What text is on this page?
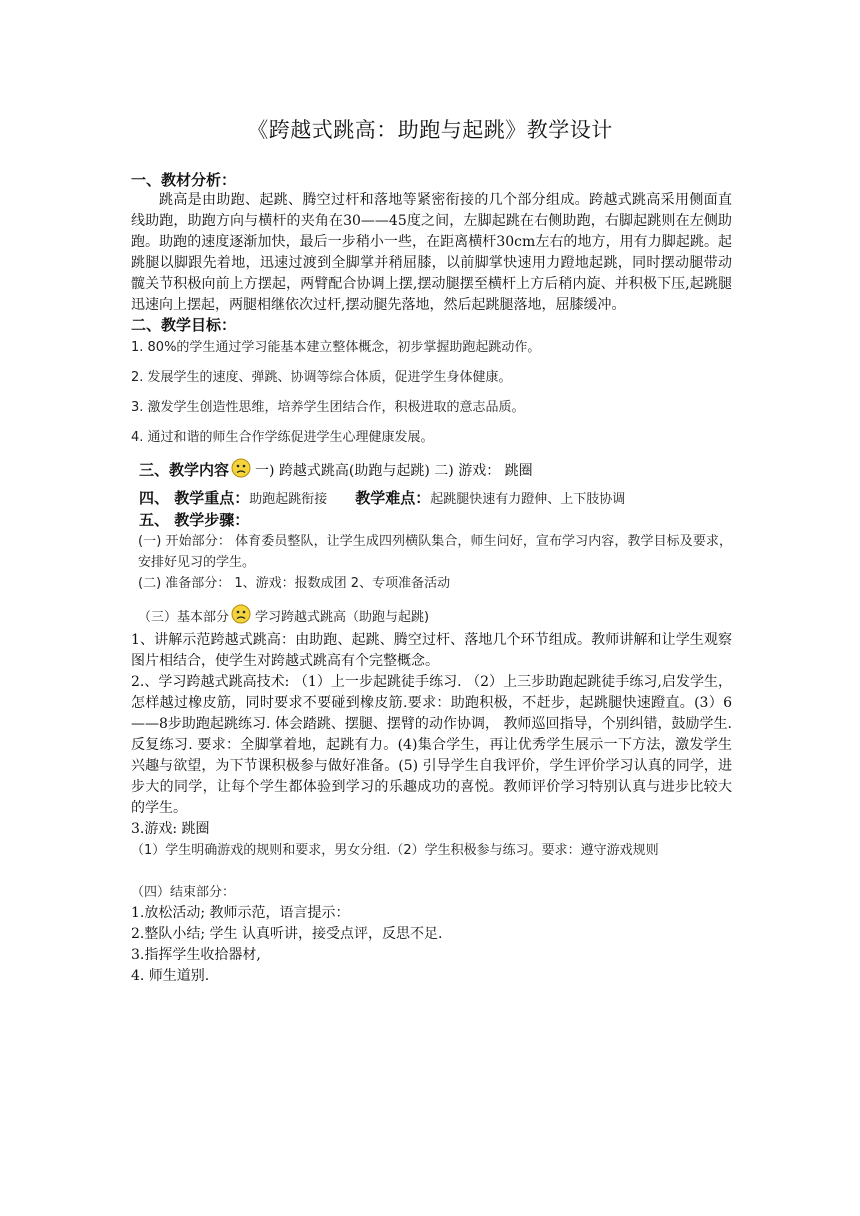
《跨越式跳高：助跑与起跳》教学设计
一、教材分析：

跳高是由助跑、起跳、腾空过杆和落地等紧密衔接的几个部分组成。跨越式跳高采用侧面直线助跑，助跑方向与横杆的夹角在30——45度之间，左脚起跳在右侧助跑，右脚起跳则在左侧助跑。助跑的速度逐渐加快，最后一步稍小一些，在距离横杆30cm左右的地方，用有力脚起跳。起跳腿以脚跟先着地，迅速过渡到全脚掌并稍屈膝，以前脚掌快速用力蹬地起跳，同时摆动腿带动髋关节积极向前上方摆起，两臂配合协调上摆,摆动腿摆至横杆上方后稍内旋、并积极下压,起跳腿迅速向上摆起，两腿相继依次过杆,摆动腿先落地，然后起跳腿落地，屈膝缓冲。

二、教学目标：

1. 80%的学生通过学习能基本建立整体概念，初步掌握助跑起跳动作。

2. 发展学生的速度、弹跳、协调等综合体质，促进学生身体健康。

3. 激发学生创造性思维，培养学生团结合作，积极进取的意志品质。

4. 通过和谐的师生合作学练促进学生心理健康发展。

三、教学内容 一) 跨越式跳高(助跑与起跳) 二) 游戏： 跳圈
四、 教学重点：助跑起跳衔接 教学难点：起跳腿快速有力蹬伸、上下肢协调
五、 教学步骤：

(一) 开始部分： 体育委员整队，让学生成四列横队集合，师生问好，宣布学习内容，教学目标及要求，安排好见习的学生。

(二) 准备部分： 1、游戏：报数成团 2、专项准备活动

（三）基本部分 学习跨越式跳高（助跑与起跳)

1、讲解示范跨越式跳高：由助跑、起跳、腾空过杆、落地几个环节组成。教师讲解和让学生观察图片相结合，使学生对跨越式跳高有个完整概念。

2.、学习跨越式跳高技术: （1）上一步起跳徒手练习. （2）上三步助跑起跳徒手练习,启发学生，怎样越过橡皮筋，同时要求不要碰到橡皮筋.要求：助跑积极，不赶步，起跳腿快速蹬直。(3）6——8步助跑起跳练习. 体会踏跳、摆腿、摆臂的动作协调， 教师巡回指导，个别纠错，鼓励学生. 反复练习. 要求：全脚掌着地，起跳有力。(4)集合学生，再让优秀学生展示一下方法，激发学生兴趣与欲望，为下节课积极参与做好准备。(5) 引导学生自我评价，学生评价学习认真的同学，进步大的同学，让每个学生都体验到学习的乐趣成功的喜悦。教师评价学习特别认真与进步比较大的学生。

3.游戏: 跳圈

（1）学生明确游戏的规则和要求，男女分组.（2）学生积极参与练习。要求：遵守游戏规则

（四）结束部分：

1.放松活动; 教师示范，语言提示：

2.整队小结; 学生 认真听讲，接受点评，反思不足.

3.指挥学生收拾器材,

4. 师生道别.
